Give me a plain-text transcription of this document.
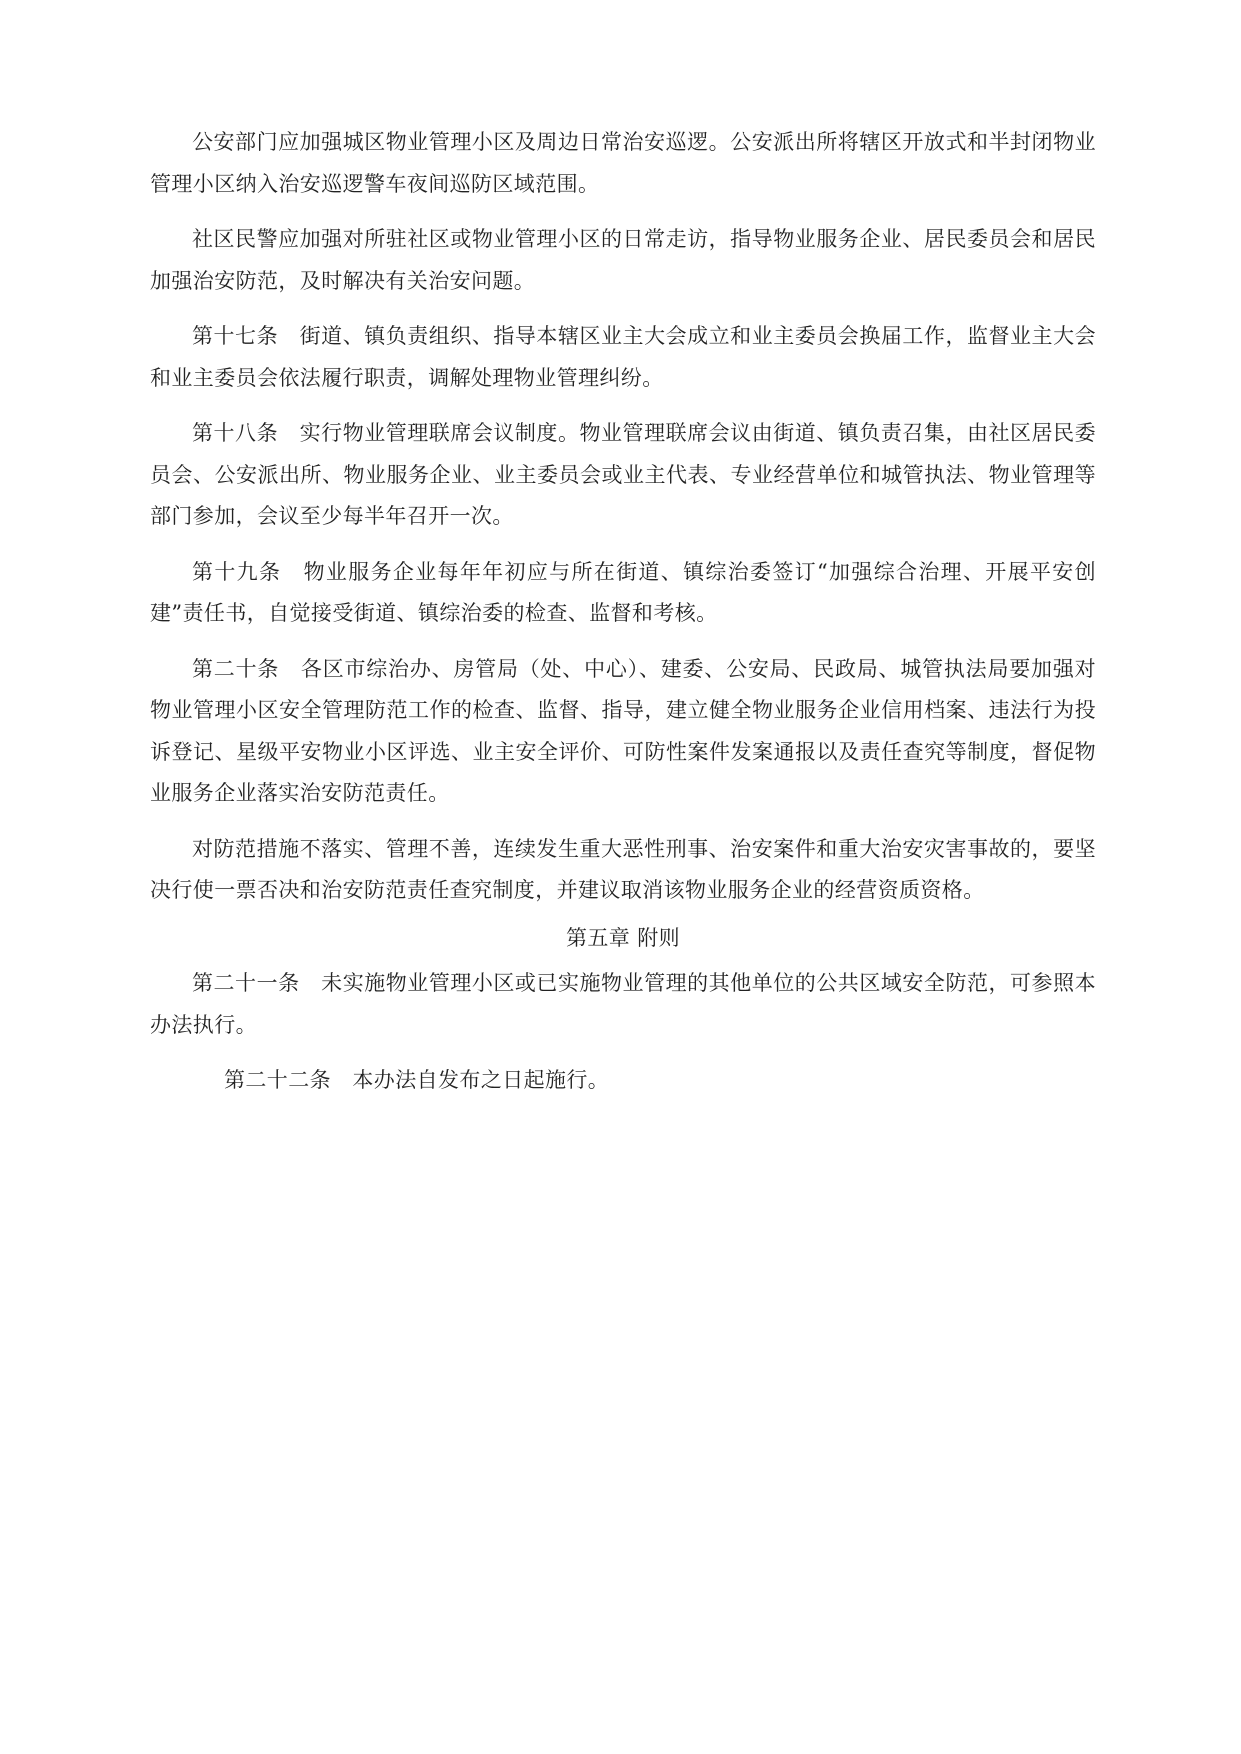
公安部门应加强城区物业管理小区及周边日常治安巡逻。公安派出所将辖区开放式和半封闭物业管理小区纳入治安巡逻警车夜间巡防区域范围。

社区民警应加强对所驻社区或物业管理小区的日常走访，指导物业服务企业、居民委员会和居民加强治安防范，及时解决有关治安问题。

第十七条　街道、镇负责组织、指导本辖区业主大会成立和业主委员会换届工作，监督业主大会和业主委员会依法履行职责，调解处理物业管理纠纷。

第十八条　实行物业管理联席会议制度。物业管理联席会议由街道、镇负责召集，由社区居民委员会、公安派出所、物业服务企业、业主委员会或业主代表、专业经营单位和城管执法、物业管理等部门参加，会议至少每半年召开一次。

第十九条　物业服务企业每年年初应与所在街道、镇综治委签订“加强综合治理、开展平安创建”责任书，自觉接受街道、镇综治委的检查、监督和考核。

第二十条　各区市综治办、房管局（处、中心）、建委、公安局、民政局、城管执法局要加强对物业管理小区安全管理防范工作的检查、监督、指导，建立健全物业服务企业信用档案、违法行为投诉登记、星级平安物业小区评选、业主安全评价、可防性案件发案通报以及责任查究等制度，督促物业服务企业落实治安防范责任。

对防范措施不落实、管理不善，连续发生重大恶性刑事、治安案件和重大治安灾害事故的，要坚决行使一票否决和治安防范责任查究制度，并建议取消该物业服务企业的经营资质资格。

第五章 附则

第二十一条　未实施物业管理小区或已实施物业管理的其他单位的公共区域安全防范，可参照本办法执行。

第二十二条　本办法自发布之日起施行。
